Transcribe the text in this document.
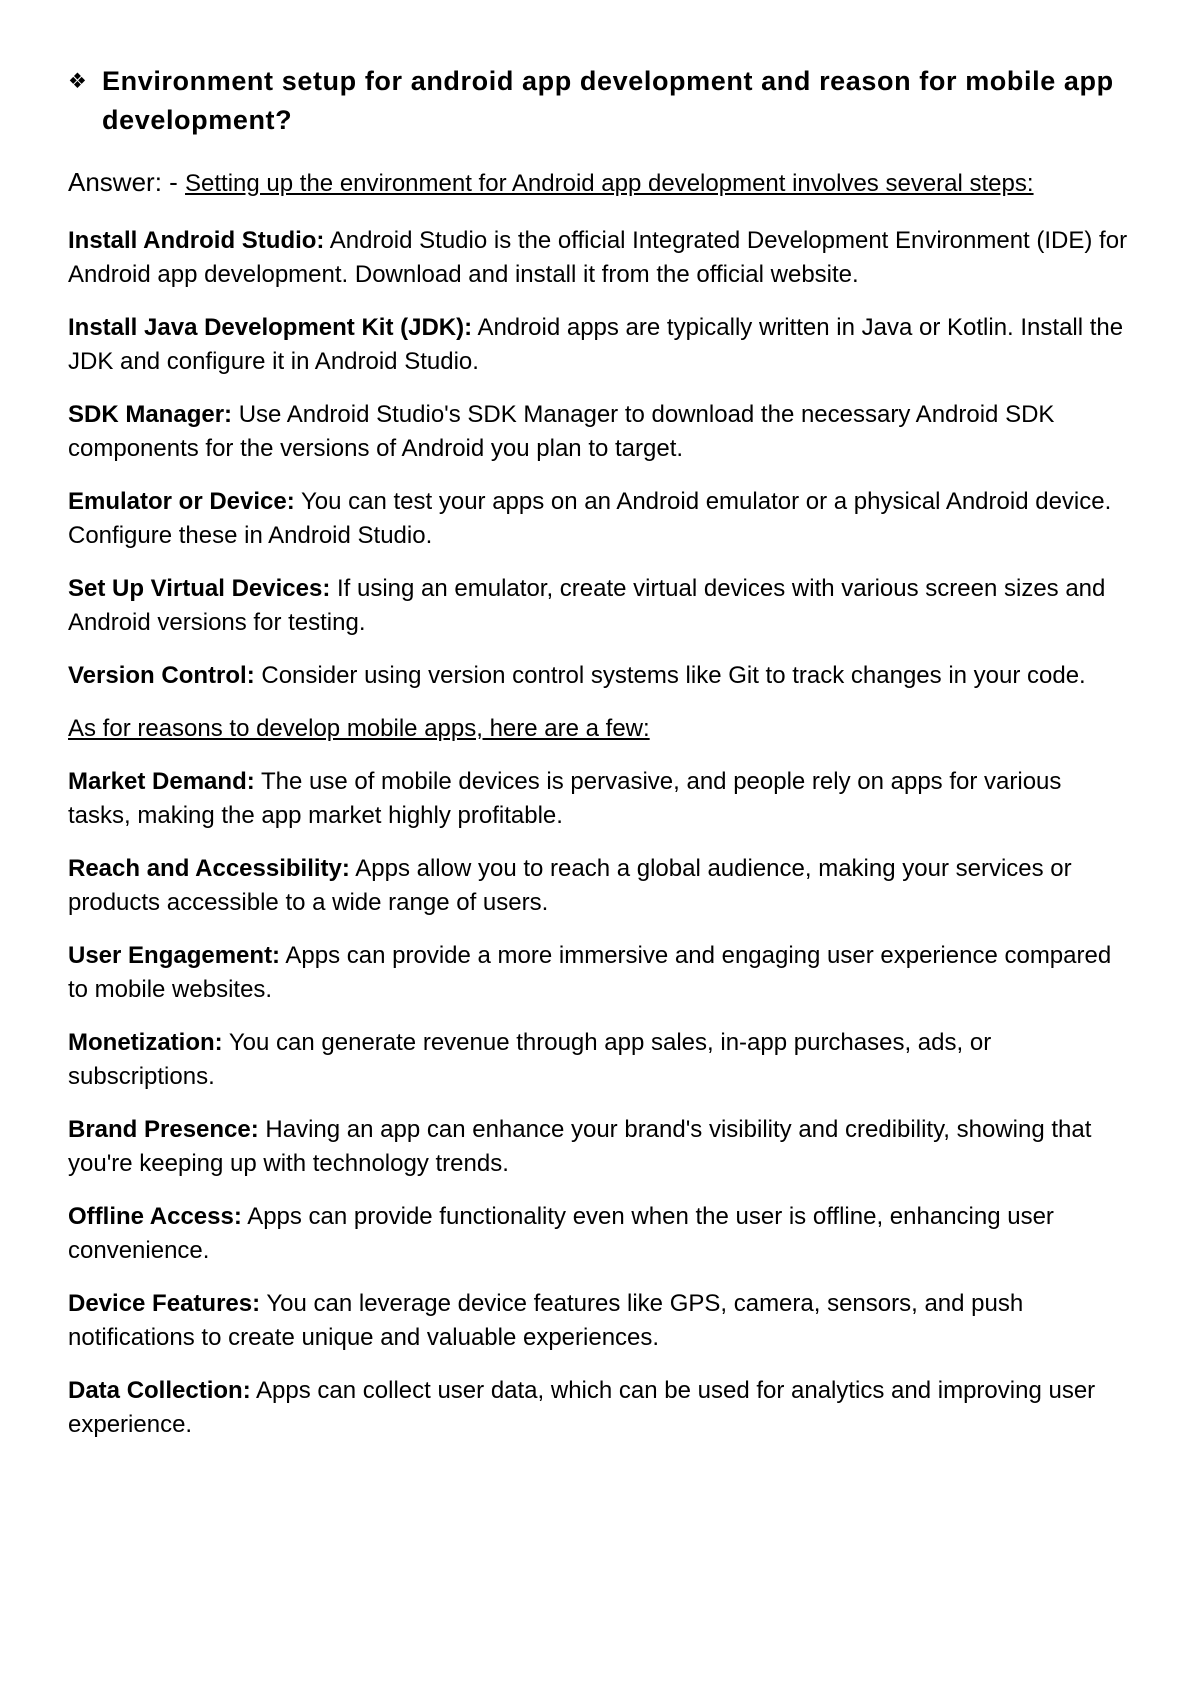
❖ Environment setup for android app development and reason for mobile app development?

Answer: - Setting up the environment for Android app development involves several steps:

Install Android Studio: Android Studio is the official Integrated Development Environment (IDE) for Android app development. Download and install it from the official website.

Install Java Development Kit (JDK): Android apps are typically written in Java or Kotlin. Install the JDK and configure it in Android Studio.

SDK Manager: Use Android Studio's SDK Manager to download the necessary Android SDK components for the versions of Android you plan to target.

Emulator or Device: You can test your apps on an Android emulator or a physical Android device. Configure these in Android Studio.

Set Up Virtual Devices: If using an emulator, create virtual devices with various screen sizes and Android versions for testing.

Version Control: Consider using version control systems like Git to track changes in your code.

As for reasons to develop mobile apps, here are a few:

Market Demand: The use of mobile devices is pervasive, and people rely on apps for various tasks, making the app market highly profitable.

Reach and Accessibility: Apps allow you to reach a global audience, making your services or products accessible to a wide range of users.

User Engagement: Apps can provide a more immersive and engaging user experience compared to mobile websites.

Monetization: You can generate revenue through app sales, in-app purchases, ads, or subscriptions.

Brand Presence: Having an app can enhance your brand's visibility and credibility, showing that you're keeping up with technology trends.

Offline Access: Apps can provide functionality even when the user is offline, enhancing user convenience.

Device Features: You can leverage device features like GPS, camera, sensors, and push notifications to create unique and valuable experiences.

Data Collection: Apps can collect user data, which can be used for analytics and improving user experience.
